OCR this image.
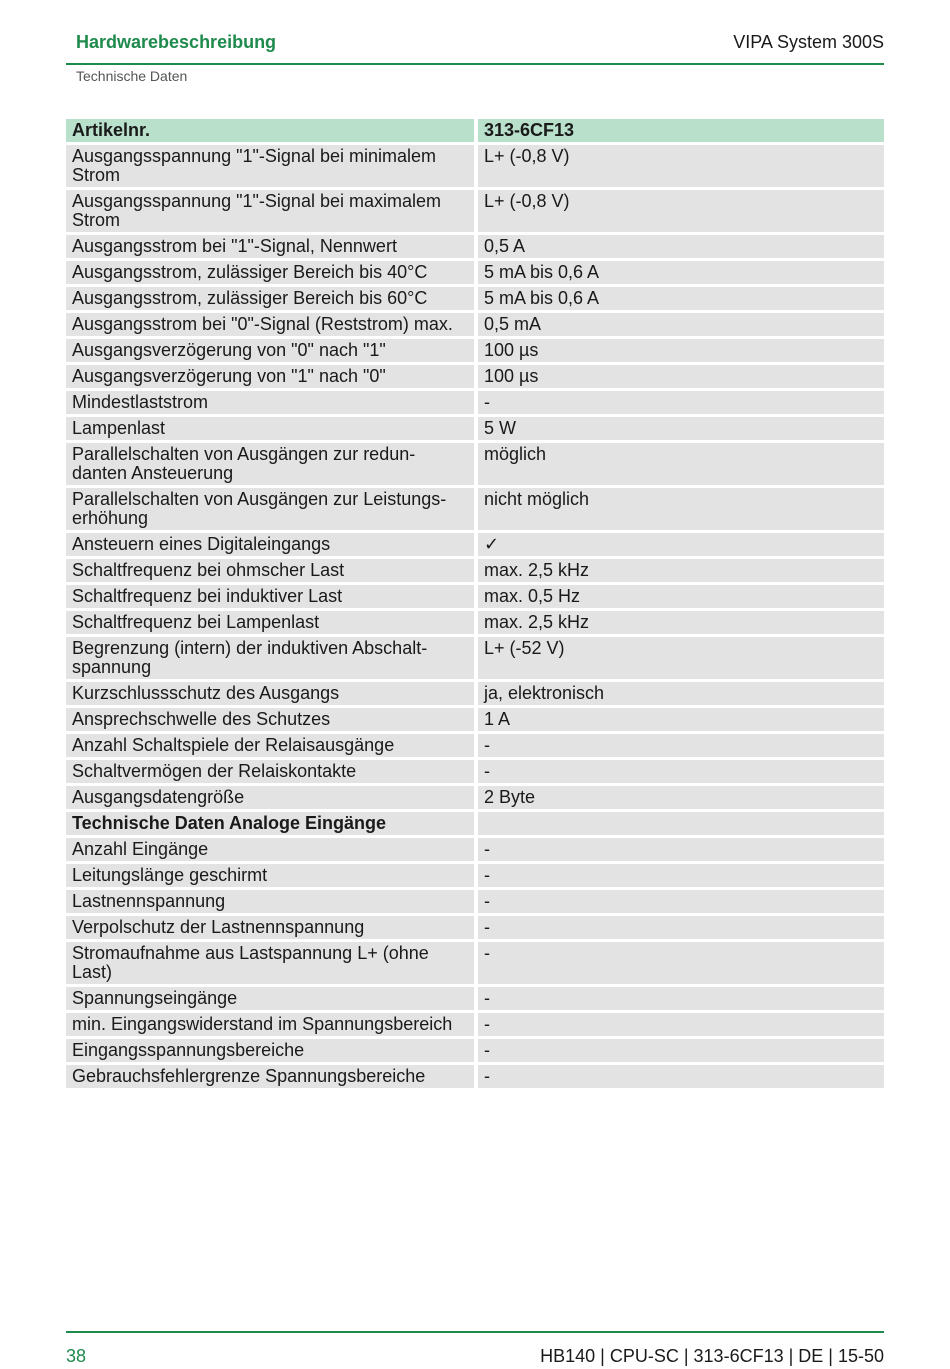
Hardwarebeschreibung	VIPA System 300S
Technische Daten
Artikelnr.	313-6CF13
Ausgangsspannung "1"-Signal bei minimalem Strom	L+ (-0,8 V)
Ausgangsspannung "1"-Signal bei maximalem Strom	L+ (-0,8 V)
Ausgangsstrom bei "1"-Signal, Nennwert	0,5 A
Ausgangsstrom, zulässiger Bereich bis 40°C	5 mA bis 0,6 A
Ausgangsstrom, zulässiger Bereich bis 60°C	5 mA bis 0,6 A
Ausgangsstrom bei "0"-Signal (Reststrom) max.	0,5 mA
Ausgangsverzögerung von "0" nach "1"	100 µs
Ausgangsverzögerung von "1" nach "0"	100 µs
Mindestlaststrom	-
Lampenlast	5 W
Parallelschalten von Ausgängen zur redun-
danten Ansteuerung	möglich
Parallelschalten von Ausgängen zur Leistungs-
erhöhung	nicht möglich
Ansteuern eines Digitaleingangs	✓
Schaltfrequenz bei ohmscher Last	max. 2,5 kHz
Schaltfrequenz bei induktiver Last	max. 0,5 Hz
Schaltfrequenz bei Lampenlast	max. 2,5 kHz
Begrenzung (intern) der induktiven Abschalt-
spannung	L+ (-52 V)
Kurzschlussschutz des Ausgangs	ja, elektronisch
Ansprechschwelle des Schutzes	1 A
Anzahl Schaltspiele der Relaisausgänge	-
Schaltvermögen der Relaiskontakte	-
Ausgangsdatengröße	2 Byte
Technische Daten Analoge Eingänge	
Anzahl Eingänge	-
Leitungslänge geschirmt	-
Lastnennspannung	-
Verpolschutz der Lastnennspannung	-
Stromaufnahme aus Lastspannung L+ (ohne Last)	-
Spannungseingänge	-
min. Eingangswiderstand im Spannungsbereich	-
Eingangsspannungsbereiche	-
Gebrauchsfehlergrenze Spannungsbereiche	-
38	HB140 | CPU-SC | 313-6CF13 | DE | 15-50
